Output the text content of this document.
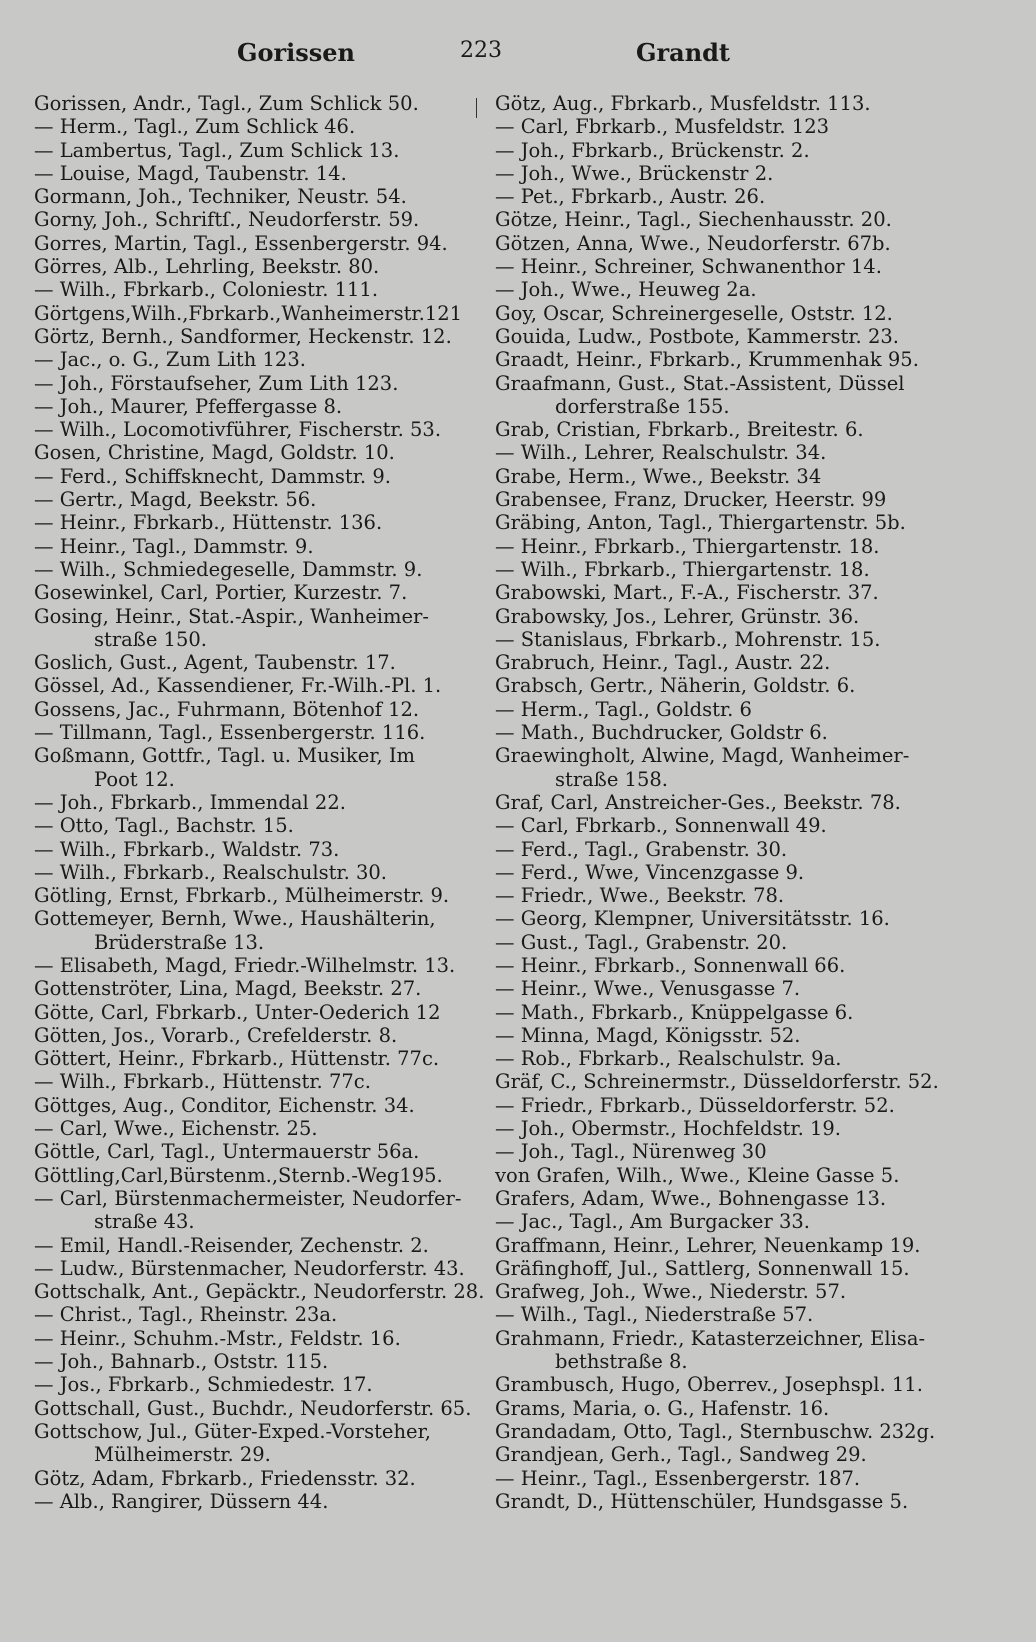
Gorissen	223	Grandt
Gorissen, Andr., Tagl., Zum Schlick 50.
— Herm., Tagl., Zum Schlick 46.
— Lambertus, Tagl., Zum Schlick 13.
— Louise, Magd, Taubenstr. 14.
Gormann, Joh., Techniker, Neustr. 54.
Gorny, Joh., Schriftſ., Neudorferstr. 59.
Gorres, Martin, Tagl., Essenbergerstr. 94.
Görres, Alb., Lehrling, Beekstr. 80.
— Wilh., Fbrkarb., Coloniestr. 111.
Görtgens,Wilh.,Fbrkarb.,Wanheimerstr.121
Görtz, Bernh., Sandformer, Heckenstr. 12.
— Jac., o. G., Zum Lith 123.
— Joh., Förstaufseher, Zum Lith 123.
— Joh., Maurer, Pfeffergasse 8.
— Wilh., Locomotivführer, Fischerstr. 53.
Gosen, Christine, Magd, Goldstr. 10.
— Ferd., Schiffsknecht, Dammstr. 9.
— Gertr., Magd, Beekstr. 56.
— Heinr., Fbrkarb., Hüttenstr. 136.
— Heinr., Tagl., Dammstr. 9.
— Wilh., Schmiedegeselle, Dammstr. 9.
Gosewinkel, Carl, Portier, Kurzestr. 7.
Gosing, Heinr., Stat.-Aspir., Wanheimer-
straße 150.
Goslich, Gust., Agent, Taubenstr. 17.
Gössel, Ad., Kassendiener, Fr.-Wilh.-Pl. 1.
Gossens, Jac., Fuhrmann, Bötenhof 12.
— Tillmann, Tagl., Essenbergerstr. 116.
Goßmann, Gottfr., Tagl. u. Musiker, Im
Poot 12.
— Joh., Fbrkarb., Immendal 22.
— Otto, Tagl., Bachstr. 15.
— Wilh., Fbrkarb., Waldstr. 73.
— Wilh., Fbrkarb., Realschulstr. 30.
Götling, Ernst, Fbrkarb., Mülheimerstr. 9.
Gottemeyer, Bernh, Wwe., Haushälterin,
Brüderstraße 13.
— Elisabeth, Magd, Friedr.-Wilhelmstr. 13.
Gottenströter, Lina, Magd, Beekstr. 27.
Götte, Carl, Fbrkarb., Unter-Oederich 12
Götten, Jos., Vorarb., Crefelderstr. 8.
Göttert, Heinr., Fbrkarb., Hüttenstr. 77c.
— Wilh., Fbrkarb., Hüttenstr. 77c.
Göttges, Aug., Conditor, Eichenstr. 34.
— Carl, Wwe., Eichenstr. 25.
Göttle, Carl, Tagl., Untermauerstr 56a.
Göttling,Carl,Bürstenm.,Sternb.-Weg195.
— Carl, Bürstenmachermeister, Neudorfer-
straße 43.
— Emil, Handl.-Reisender, Zechenstr. 2.
— Ludw., Bürstenmacher, Neudorferstr. 43.
Gottschalk, Ant., Gepäcktr., Neudorferstr. 28.
— Christ., Tagl., Rheinstr. 23a.
— Heinr., Schuhm.-Mstr., Feldstr. 16.
— Joh., Bahnarb., Oststr. 115.
— Jos., Fbrkarb., Schmiedestr. 17.
Gottschall, Gust., Buchdr., Neudorferstr. 65.
Gottschow, Jul., Güter-Exped.-Vorsteher,
Mülheimerstr. 29.
Götz, Adam, Fbrkarb., Friedensstr. 32.
— Alb., Rangirer, Düssern 44.
Götz, Aug., Fbrkarb., Musfeldstr. 113.
— Carl, Fbrkarb., Musfeldstr. 123
— Joh., Fbrkarb., Brückenstr. 2.
— Joh., Wwe., Brückenstr 2.
— Pet., Fbrkarb., Austr. 26.
Götze, Heinr., Tagl., Siechenhausstr. 20.
Götzen, Anna, Wwe., Neudorferstr. 67b.
— Heinr., Schreiner, Schwanenthor 14.
— Joh., Wwe., Heuweg 2a.
Goy, Oscar, Schreinergeselle, Oststr. 12.
Gouida, Ludw., Postbote, Kammerstr. 23.
Graadt, Heinr., Fbrkarb., Krummenhak 95.
Graafmann, Gust., Stat.-Assistent, Düssel
dorferstraße 155.
Grab, Cristian, Fbrkarb., Breitestr. 6.
— Wilh., Lehrer, Realschulstr. 34.
Grabe, Herm., Wwe., Beekstr. 34
Grabensee, Franz, Drucker, Heerstr. 99
Gräbing, Anton, Tagl., Thiergartenstr. 5b.
— Heinr., Fbrkarb., Thiergartenstr. 18.
— Wilh., Fbrkarb., Thiergartenstr. 18.
Grabowski, Mart., F.-A., Fischerstr. 37.
Grabowsky, Jos., Lehrer, Grünstr. 36.
— Stanislaus, Fbrkarb., Mohrenstr. 15.
Grabruch, Heinr., Tagl., Austr. 22.
Grabsch, Gertr., Näherin, Goldstr. 6.
— Herm., Tagl., Goldstr. 6
— Math., Buchdrucker, Goldstr 6.
Graewingholt, Alwine, Magd, Wanheimer-
straße 158.
Graf, Carl, Anstreicher-Ges., Beekstr. 78.
— Carl, Fbrkarb., Sonnenwall 49.
— Ferd., Tagl., Grabenstr. 30.
— Ferd., Wwe, Vincenzgasse 9.
— Friedr., Wwe., Beekstr. 78.
— Georg, Klempner, Universitätsstr. 16.
— Gust., Tagl., Grabenstr. 20.
— Heinr., Fbrkarb., Sonnenwall 66.
— Heinr., Wwe., Venusgasse 7.
— Math., Fbrkarb., Knüppelgasse 6.
— Minna, Magd, Königsstr. 52.
— Rob., Fbrkarb., Realschulstr. 9a.
Gräf, C., Schreinermstr., Düsseldorferstr. 52.
— Friedr., Fbrkarb., Düsseldorferstr. 52.
— Joh., Obermstr., Hochfeldstr. 19.
— Joh., Tagl., Nürenweg 30
von Grafen, Wilh., Wwe., Kleine Gasse 5.
Grafers, Adam, Wwe., Bohnengasse 13.
— Jac., Tagl., Am Burgacker 33.
Graffmann, Heinr., Lehrer, Neuenkamp 19.
Gräfinghoff, Jul., Sattlerg, Sonnenwall 15.
Grafweg, Joh., Wwe., Niederstr. 57.
— Wilh., Tagl., Niederstraße 57.
Grahmann, Friedr., Katasterzeichner, Elisa-
bethstraße 8.
Grambusch, Hugo, Oberrev., Josephspl. 11.
Grams, Maria, o. G., Hafenstr. 16.
Grandadam, Otto, Tagl., Sternbuschw. 232g.
Grandjean, Gerh., Tagl., Sandweg 29.
— Heinr., Tagl., Essenbergerstr. 187.
Grandt, D., Hüttenschüler, Hundsgasse 5.
